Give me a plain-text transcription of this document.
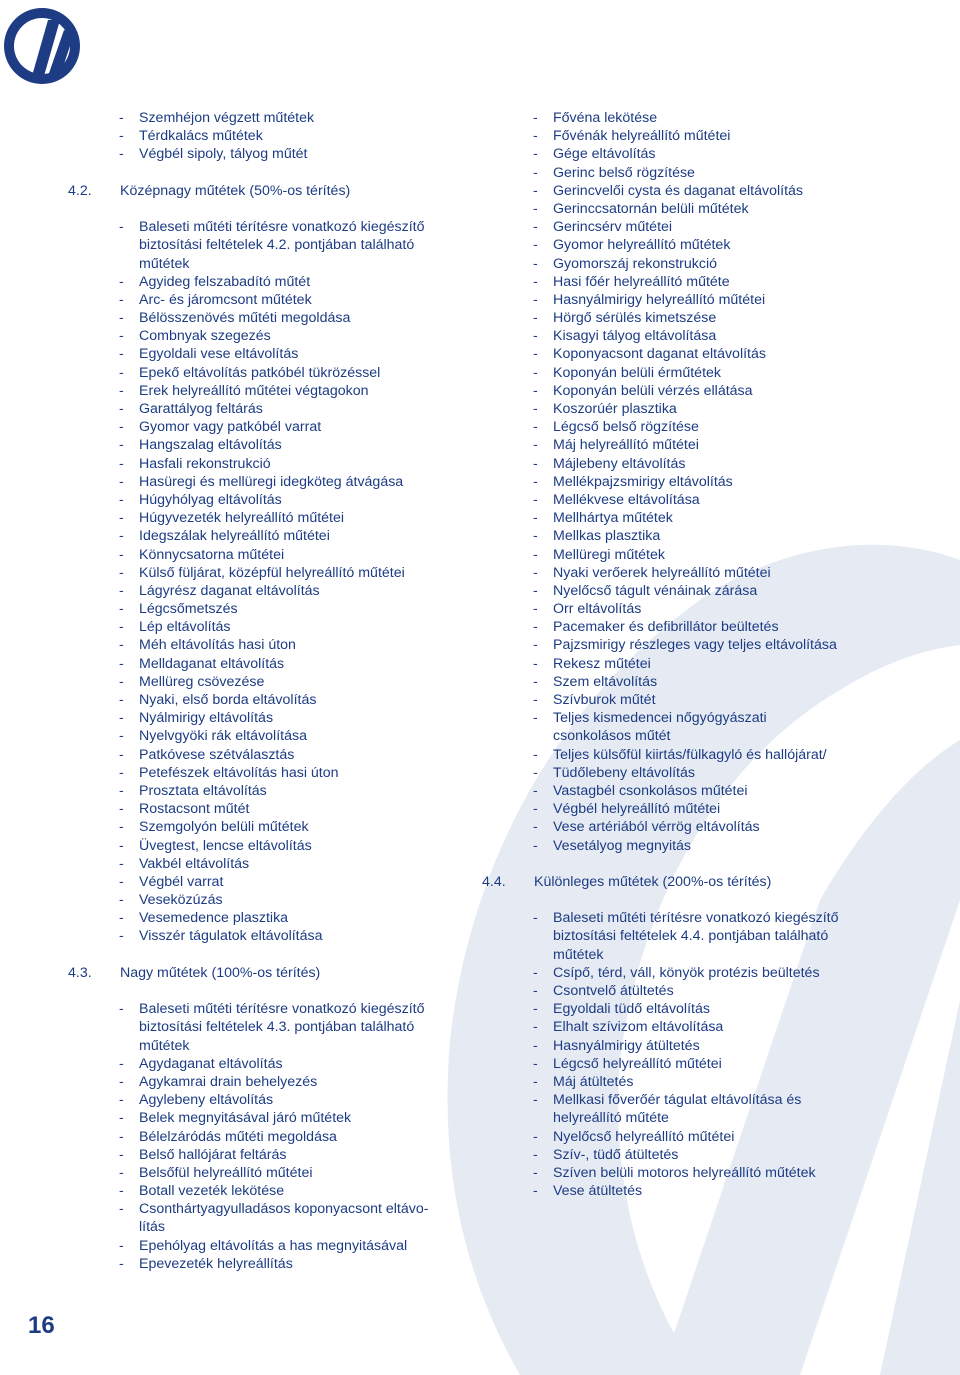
- Szemhéjon végzett műtétek
- Térdkalács műtétek
- Végbél sipoly, tályog műtét
4.2. Középnagy műtétek (50%-os térítés)
- Baleseti műtéti térítésre vonatkozó kiegészítő
biztosítási feltételek 4.2. pontjában található
műtétek
- Agyideg felszabadító műtét
- Arc- és járomcsont műtétek
- Bélösszenövés műtéti megoldása
- Combnyak szegezés
- Egyoldali vese eltávolítás
- Epekő eltávolítás patkóbél tükrözéssel
- Erek helyreállító műtétei végtagokon
- Garattályog feltárás
- Gyomor vagy patkóbél varrat
- Hangszalag eltávolítás
- Hasfali rekonstrukció
- Hasüregi és mellüregi idegköteg átvágása
- Húgyhólyag eltávolítás
- Húgyvezeték helyreállító műtétei
- Idegszálak helyreállító műtétei
- Könnycsatorna műtétei
- Külső füljárat, középfül helyreállító műtétei
- Lágyrész daganat eltávolítás
- Légcsőmetszés
- Lép eltávolítás
- Méh eltávolítás hasi úton
- Melldaganat eltávolítás
- Mellüreg csövezése
- Nyaki, első borda eltávolítás
- Nyálmirigy eltávolítás
- Nyelvgyöki rák eltávolítása
- Patkóvese szétválasztás
- Petefészek eltávolítás hasi úton
- Prosztata eltávolítás
- Rostacsont műtét
- Szemgolyón belüli műtétek
- Üvegtest, lencse eltávolítás
- Vakbél eltávolítás
- Végbél varrat
- Veseközúzás
- Vesemedence plasztika
- Visszér tágulatok eltávolítása
4.3. Nagy műtétek (100%-os térítés)
- Baleseti műtéti térítésre vonatkozó kiegészítő
biztosítási feltételek 4.3. pontjában található
műtétek
- Agydaganat eltávolítás
- Agykamrai drain behelyezés
- Agylebeny eltávolítás
- Belek megnyitásával járó műtétek
- Bélelzáródás műtéti megoldása
- Belső hallójárat feltárás
- Belsőfül helyreállító műtétei
- Botall vezeték lekötése
- Csonthártyagyulladásos koponyacsont eltávo-
lítás
- Epehólyag eltávolítás a has megnyitásával
- Epevezeték helyreállítás
- Fővéna lekötése
- Fővénák helyreállító műtétei
- Gége eltávolítás
- Gerinc belső rögzítése
- Gerincvelői cysta és daganat eltávolítás
- Gerinccsatornán belüli műtétek
- Gerincsérv műtétei
- Gyomor helyreállító műtétek
- Gyomorszáj rekonstrukció
- Hasi főér helyreállító műtéte
- Hasnyálmirigy helyreállító műtétei
- Hörgő sérülés kimetszése
- Kisagyi tályog eltávolítása
- Koponyacsont daganat eltávolítás
- Koponyán belüli érműtétek
- Koponyán belüli vérzés ellátása
- Koszorúér plasztika
- Légcső belső rögzítése
- Máj helyreállító műtétei
- Májlebeny eltávolítás
- Mellékpajzsmirigy eltávolítás
- Mellékvese eltávolítása
- Mellhártya műtétek
- Mellkas plasztika
- Mellüregi műtétek
- Nyaki verőerek helyreállító műtétei
- Nyelőcső tágult vénáinak zárása
- Orr eltávolítás
- Pacemaker és defibrillátor beültetés
- Pajzsmirigy részleges vagy teljes eltávolítása
- Rekesz műtétei
- Szem eltávolítás
- Szívburok műtét
- Teljes kismedencei nőgyógyászati
csonkolásos műtét
- Teljes külsőfül kiirtás/fülkagyló és hallójárat/
- Tüdőlebeny eltávolítás
- Vastagbél csonkolásos műtétei
- Végbél helyreállító műtétei
- Vese artériából vérrög eltávolítás
- Vesetályog megnyitás
4.4. Különleges műtétek (200%-os térítés)
- Baleseti műtéti térítésre vonatkozó kiegészítő
biztosítási feltételek 4.4. pontjában található
műtétek
- Csípő, térd, váll, könyök protézis beültetés
- Csontvelő átültetés
- Egyoldali tüdő eltávolítás
- Elhalt szívizom eltávolítása
- Hasnyálmirigy átültetés
- Légcső helyreállító műtétei
- Máj átültetés
- Mellkasi főverőér tágulat eltávolítása és
helyreállító műtéte
- Nyelőcső helyreállító műtétei
- Szív-, tüdő átültetés
- Szíven belüli motoros helyreállító műtétek
- Vese átültetés
16
